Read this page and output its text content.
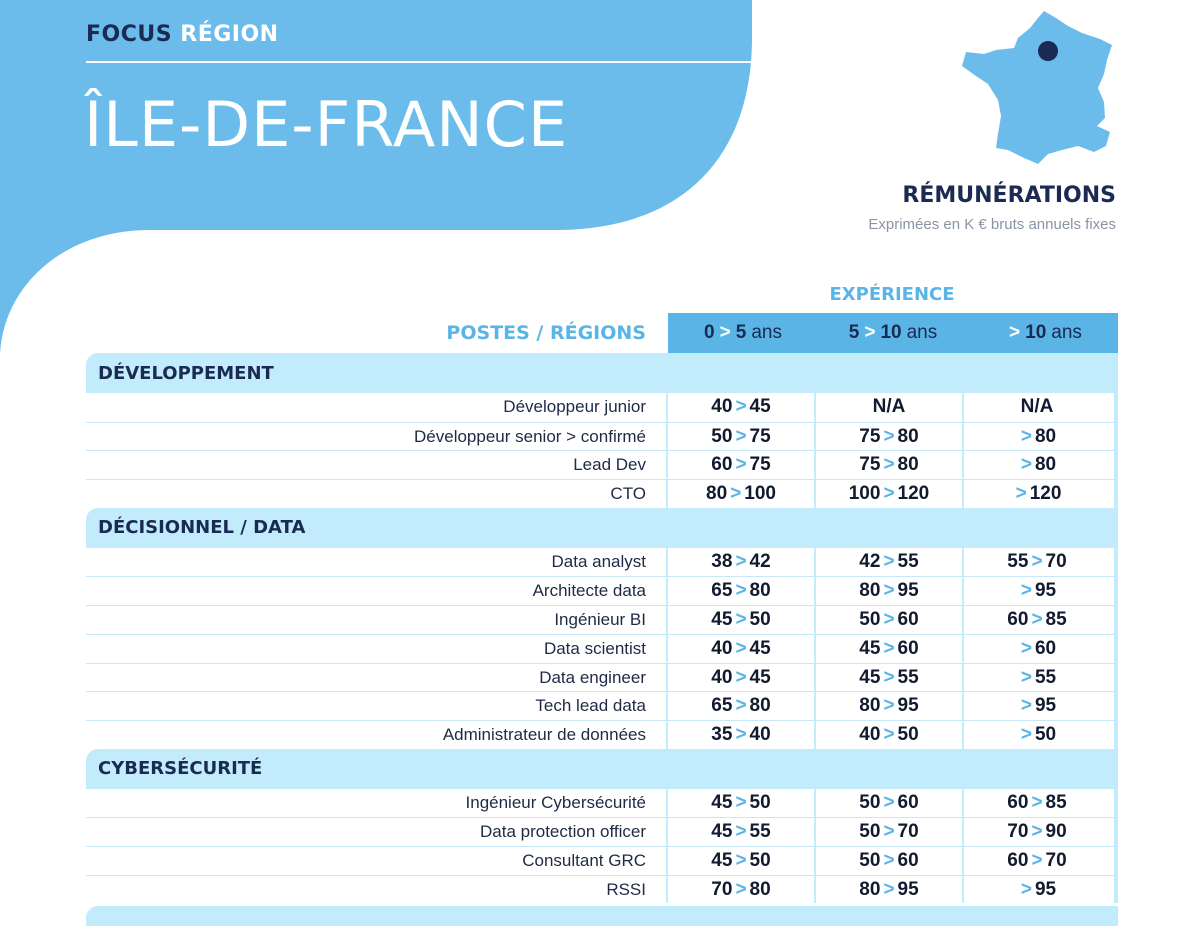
FOCUS RÉGION
ÎLE-DE-FRANCE
RÉMUNÉRATIONS

Exprimées en K € bruts annuels fixes

EXPÉRIENCE
POSTES / RÉGIONS	0 > 5 ans	5 > 10 ans	> 10 ans
DÉVELOPPEMENT
Développeur junior	40 > 45	N/A	N/A
Développeur senior > confirmé	50 > 75	75 > 80	> 80
Lead Dev	60 > 75	75 > 80	> 80
CTO	80 > 100	100 > 120	> 120
DÉCISIONNEL / DATA
Data analyst	38 > 42	42 > 55	55 > 70
Architecte data	65 > 80	80 > 95	> 95
Ingénieur BI	45 > 50	50 > 60	60 > 85
Data scientist	40 > 45	45 > 60	> 60
Data engineer	40 > 45	45 > 55	> 55
Tech lead data	65 > 80	80 > 95	> 95
Administrateur de données	35 > 40	40 > 50	> 50
CYBERSÉCURITÉ
Ingénieur Cybersécurité	45 > 50	50 > 60	60 > 85
Data protection officer	45 > 55	50 > 70	70 > 90
Consultant GRC	45 > 50	50 > 60	60 > 70
RSSI	70 > 80	80 > 95	> 95
